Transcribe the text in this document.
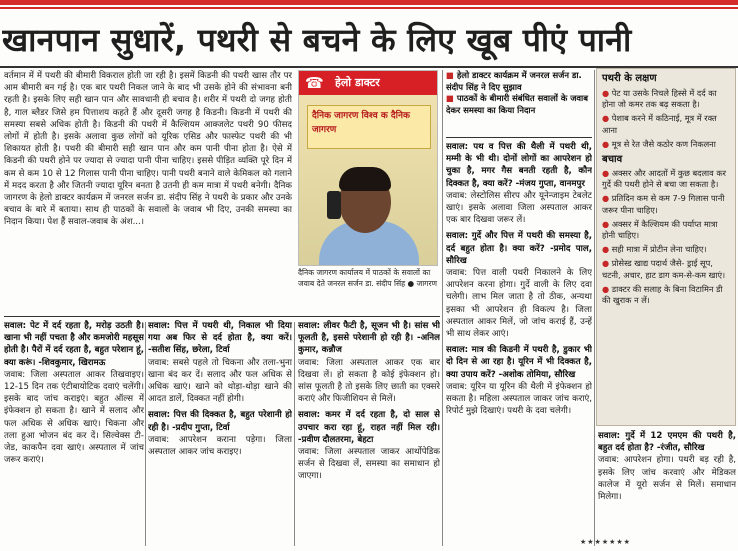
खानपान सुधारें, पथरी से बचने के लिए खूब पीएं पानी

वर्तमान में में पथरी की बीमारी विकराल होती जा रही है। इसमें किडनी की पथरी खास तौर पर आम बीमारी बन गई है। एक बार पथरी निकल जाने के बाद भी उसके होने की संभावना बनी रहती है। इसके लिए सही खान पान और सावधानी ही बचाव है। शरीर में पथरी दो जगह होती है, गाल ब्लैडर जिसे हम पित्ताशय कहते हैं और दूसरी जगह है किडनी। किडनी में पथरी की समस्या सबसे अधिक होती है। किडनी की पथरी में कैल्शियम आक्जलेट पथरी 90 फीसद लोगों में होती है। इसके अलावा कुछ लोगों को यूरिक एसिड और फास्फेट पथरी की भी शिकायत होती है। पथरी की बीमारी सही खान पान और कम पानी पीना होता है। ऐसे में किडनी की पथरी होने पर ज्यादा से ज्यादा पानी पीना चाहिए। इससे पीड़ित व्यक्ति पूरे दिन में कम से कम 10 से 12 गिलास पानी पीना चाहिए। पानी पथरी बनाने वाले केमिकल को गलाने में मदद करता है और जितनी ज्यादा यूरिन बनता है उतनी ही कम मात्रा में पथरी बनेगी। दैनिक जागरण के हेलो डाक्टर कार्यक्रम में जनरल सर्जन डा. संदीप सिंह ने पथरी के प्रकार और उनके बचाव के बारे में बताया। साथ ही पाठकों के सवालों के जवाब भी दिए, उनकी समस्या का निदान किया। पेश हैं सवाल-जवाब के अंश...।

☎	हेलो डाक्टर
दैनिक जागरण विश्व क दैनिक जागरण
दैनिक जागरण कार्यालय में पाठकों के सवालों का जवाब देते जनरल सर्जन डा. संदीप सिंह ● जागरण

सवाल: पेट में दर्द रहता है, मरोड़ उठती है। खाना भी नहीं पचता है और कमजोरी महसूस होती है। पैरों में दर्द रहता है, बहुत परेशान हूं, क्या करूं। -शिवकुमार, खिरामऊ

जवाब: जिला अस्पताल आकर तिखवाइए। 12-15 दिन तक एंटीबायोटिक दवाएं चलेंगी। इसके बाद जांच कराइएं। बहुत ऑल्स में इंफेक्शन हो सकता है। खाने में सलाद और फल अधिक से अधिक खाएं। चिकना और तला हुआ भोजन बंद कर दें। सिल्वेक्स टी-जेड, काकपैन दवा खाएं। अस्पताल में जांच जरूर कराएं।

सवाल: पित्त में पथरी थी, निकाल भी दिया गया अब फिर से दर्द होता है, क्या करें। -सतीश सिंह, छरेला, टिर्वा

जवाब: सबसे पहले तो चिकना और तला-भुना खाना बंद कर दें। सलाद और फल अधिक से अधिक खाएं। खाने को थोड़ा-थोड़ा खाने की आदत डालें, दिक्कत नहीं होगी।

सवाल: पित्त की दिक्कत है, बहुत परेशानी हो रही है। -प्रदीप गुप्ता, टिर्वा

जवाब: आपरेशन कराना पड़ेगा। जिला अस्पताल आकर जांच कराइए।

सवाल: लीवर फैटी है, सूजन भी है। सांस भी फूलती है, इससे परेशानी हो रही है। -अनिल कुमार, कन्नौज

जवाब: जिला अस्पताल आकर एक बार दिखवा लें। हो सकता है कोई इंफेक्शन हो। सांस फूलती है तो इसके लिए छाती का एक्सरे कराएं और फिजीशियन से मिलें।

सवाल: कमर में दर्द रहता है, दो साल से उपचार करा रहा हूं, राहत नहीं मिल रही। -प्रवीण दौलतरमा, बेहटा

जवाब: जिला अस्पताल जाकर आर्थोपेडिक सर्जन से दिखवा लें, समस्या का समाधान हो जाएगा।

■ हेलो डाक्टर कार्यक्रम में जनरल सर्जन डा. संदीप सिंह ने दिए सुझाव

■ पाठकों के बीमारी संबंधित सवालों के जवाब देकर समस्या का किया निदान

सवाल: पथ व पित्त की थैली में पथरी थी, मम्मी के भी थी। दोनों लोगों का आपरेशन हो चुका है, मगर गैस बनती रहती है, कौन दिक्कत है, क्या करें? -मंजय गुप्ता, वानमपुर

जवाब: लेस्टोलिस सीरप और यूनेन्जाइम टेबलेट खाएं। इसके अलावा जिला अस्पताल आकर एक बार दिखवा जरूर लें।

सवाल: गुर्दे और पित्त में पथरी की समस्या है, दर्द बहुत होता है। क्या करें? -प्रमोद पाल, सौरिख

जवाब: पित्त वाली पथरी निकालने के लिए आपरेशन करना होगा। गुर्दे वाली के लिए दवा चलेगी। लाभ मिल जाता है तो ठीक, अन्यथा इसका भी आपरेशन ही विकल्प है। जिला अस्पताल आकर मिलें, जो जांच कराई हैं, उन्हें भी साथ लेकर आएं।

सवाल: मात्र की किडनी में पथरी है, डुकार भी दो दिन से आ रहा है। यूरिन में भी दिक्कत है, क्या उपाय करें? -अशोक तोमिया, सौरिख

जवाब: यूरिन या यूरिन की थैली में इंफेक्शन हो सकता है। महिला अस्पताल जाकर जांच कराएं, रिपोर्ट मुझे दिखाएं। पथरी के दवा चलेगी।

पथरी के लक्षण
● पेट या उसके निचले हिस्से में दर्द का होना जो कमर तक बढ़ सकता है।
● पेशाब करने में कठिनाई, मूत्र में रक्त आना
● मूत्र से रेत जैसे कठोर कण निकलना
बचाव
● अक्सर और आदतों में कुछ बदलाव कर गुर्दे की पथरी होने से बचा जा सकता है।
● प्रतिदिन कम से कम 7-9 गिलास पानी जरूर पीना चाहिए।
● अक्सर में कैल्शियम की पर्याप्त मात्रा होनी चाहिए।
● सही मात्रा में प्रोटीन लेना चाहिए।
● प्रोसेस्ड खाद्य पदार्थ जैसे- ड्राई सूप, चटनी, अचार, हाट डाग कम-से-कम खाएं।
● डाक्टर की सलाह के बिना विटामिन डी की खुराक न लें।

सवाल: गुर्दे में 12 एमएम की पथरी है, बहुत दर्द होता है? -रंजीत, सौरिख

जवाब: आपरेशन होगा। पथरी बड़ रही है, इसके लिए जांच करवाएं और मेडिकल कालेज में यूरो सर्जन से मिलें। समाधान मिलेगा।

★★★★★★★
